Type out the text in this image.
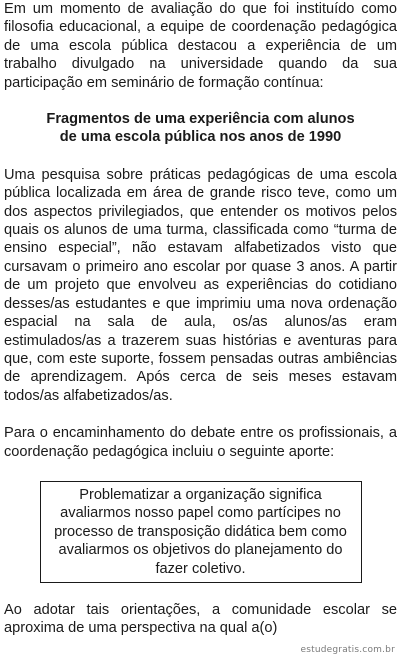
Em um momento de avaliação do que foi instituído como filosofia educacional, a equipe de coordenação pedagógica de uma escola pública destacou a experiência de um trabalho divulgado na universidade quando da sua participação em seminário de formação contínua:

Fragmentos de uma experiência com alunos
de uma escola pública nos anos de 1990

Uma pesquisa sobre práticas pedagógicas de uma escola pública localizada em área de grande risco teve, como um dos aspectos privilegiados, que entender os motivos pelos quais os alunos de uma turma, classificada como “turma de ensino especial”, não estavam alfabetizados visto que cursavam o primeiro ano escolar por quase 3 anos. A partir de um projeto que envolveu as experiências do cotidiano desses/as estudantes e que imprimiu uma nova ordenação espacial na sala de aula, os/as alunos/as eram estimulados/as a trazerem suas histórias e aventuras para que, com este suporte, fossem pensadas outras ambiências de aprendizagem. Após cerca de seis meses estavam todos/as alfabetizados/as.

Para o encaminhamento do debate entre os profissionais, a coordenação pedagógica incluiu o seguinte aporte:

Problematizar a organização significa avaliarmos nosso papel como partícipes no processo de transposição didática bem como avaliarmos os objetivos do planejamento do fazer coletivo.

Ao adotar tais orientações, a comunidade escolar se aproxima de uma perspectiva na qual a(o)

estudegratis.com.br
